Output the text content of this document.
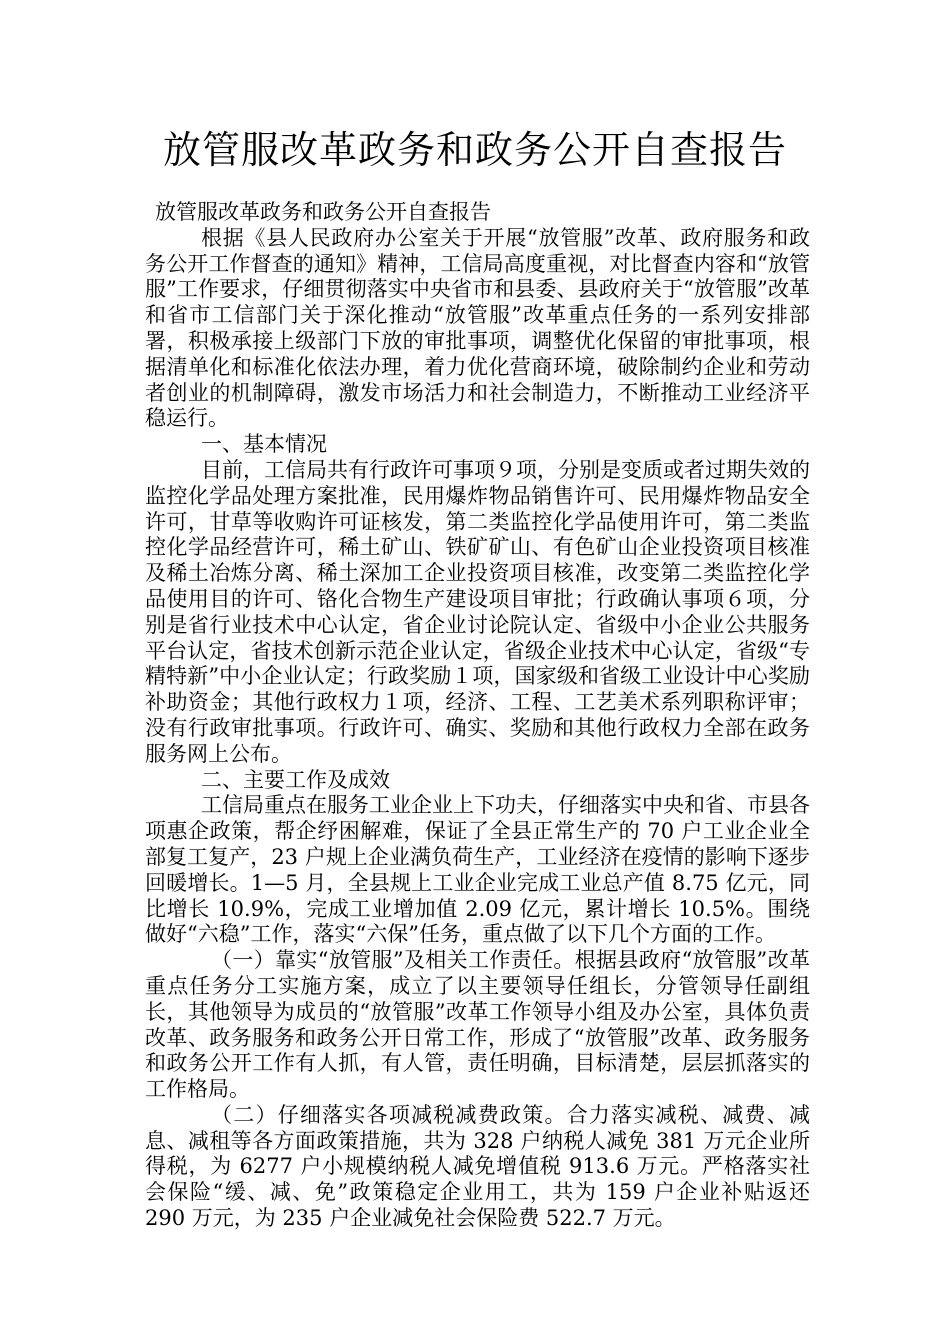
放管服改革政务和政务公开自查报告

放管服改革政务和政务公开自查报告

根据《县人民政府办公室关于开展“放管服”改革、政府服务和政务公开工作督查的通知》精神，工信局高度重视，对比督查内容和“放管服”工作要求，仔细贯彻落实中央省市和县委、县政府关于“放管服”改革和省市工信部门关于深化推动“放管服”改革重点任务的一系列安排部署，积极承接上级部门下放的审批事项，调整优化保留的审批事项，根据清单化和标准化依法办理，着力优化营商环境，破除制约企业和劳动者创业的机制障碍，激发市场活力和社会制造力，不断推动工业经济平稳运行。

一、基本情况

目前，工信局共有行政许可事项９项，分别是变质或者过期失效的监控化学品处理方案批准，民用爆炸物品销售许可、民用爆炸物品安全许可，甘草等收购许可证核发，第二类监控化学品使用许可，第二类监控化学品经营许可，稀土矿山、铁矿矿山、有色矿山企业投资项目核准及稀土冶炼分离、稀土深加工企业投资项目核准，改变第二类监控化学品使用目的许可、铬化合物生产建设项目审批；行政确认事项６项，分别是省行业技术中心认定，省企业讨论院认定、省级中小企业公共服务平台认定，省技术创新示范企业认定，省级企业技术中心认定，省级“专精特新”中小企业认定；行政奖励１项，国家级和省级工业设计中心奖励补助资金；其他行政权力１项，经济、工程、工艺美术系列职称评审；没有行政审批事项。行政许可、确实、奖励和其他行政权力全部在政务服务网上公布。

二、主要工作及成效

工信局重点在服务工业企业上下功夫，仔细落实中央和省、市县各项惠企政策，帮企纾困解难，保证了全县正常生产的 70 户工业企业全部复工复产，23 户规上企业满负荷生产，工业经济在疫情的影响下逐步回暖增长。1—5 月，全县规上工业企业完成工业总产值 8.75 亿元，同比增长 10.9%，完成工业增加值 2.09 亿元，累计增长 10.5%。围绕做好“六稳”工作，落实“六保”任务，重点做了以下几个方面的工作。

（一）靠实“放管服”及相关工作责任。根据县政府“放管服”改革重点任务分工实施方案，成立了以主要领导任组长，分管领导任副组长，其他领导为成员的“放管服”改革工作领导小组及办公室，具体负责改革、政务服务和政务公开日常工作，形成了“放管服”改革、政务服务和政务公开工作有人抓，有人管，责任明确，目标清楚，层层抓落实的工作格局。

（二）仔细落实各项减税减费政策。合力落实减税、减费、减息、减租等各方面政策措施，共为 328 户纳税人减免 381 万元企业所得税，为 6277 户小规模纳税人减免增值税 913.6 万元。严格落实社会保险“缓、减、免”政策稳定企业用工，共为 159 户企业补贴返还 290 万元，为 235 户企业减免社会保险费 522.7 万元。
